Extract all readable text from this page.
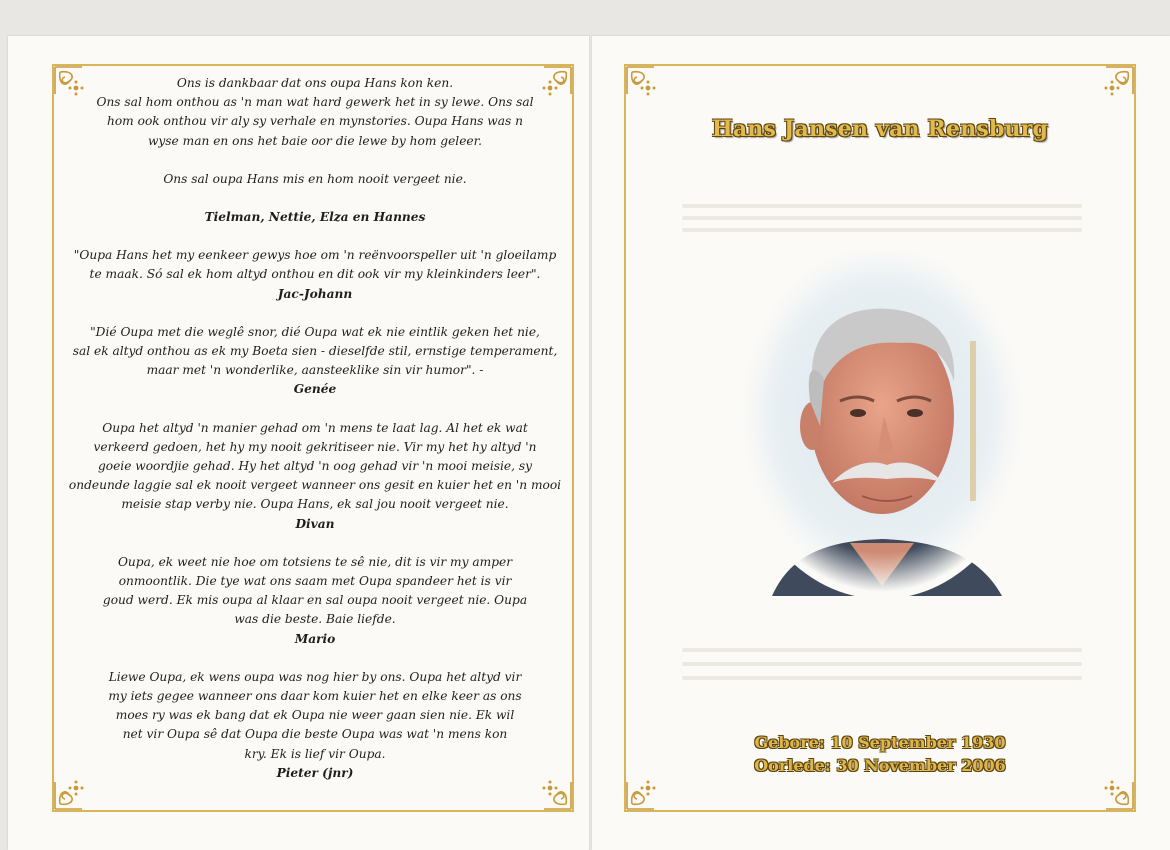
Ons is dankbaar dat ons oupa Hans kon ken.
Ons sal hom onthou as 'n man wat hard gewerk het in sy lewe. Ons sal
hom ook onthou vir aly sy verhale en mynstories. Oupa Hans was n
wyse man en ons het baie oor die lewe by hom geleer.

Ons sal oupa Hans mis en hom nooit vergeet nie.

Tielman, Nettie, Elza en Hannes

"Oupa Hans het my eenkeer gewys hoe om 'n reënvoorspeller uit 'n gloeilamp
te maak. Só sal ek hom altyd onthou en dit ook vir my kleinkinders leer".
Jac-Johann

"Dié Oupa met die weglê snor, dié Oupa wat ek nie eintlik geken het nie,
sal ek altyd onthou as ek my Boeta sien - dieselfde stil, ernstige temperament,
maar met 'n wonderlike, aansteeklike sin vir humor". -
Genée

Oupa het altyd 'n manier gehad om 'n mens te laat lag. Al het ek wat
verkeerd gedoen, het hy my nooit gekritiseer nie. Vir my het hy altyd 'n
goeie woordjie gehad. Hy het altyd 'n oog gehad vir 'n mooi meisie, sy
ondeunde laggie sal ek nooit vergeet wanneer ons gesit en kuier het en 'n mooi
meisie stap verby nie. Oupa Hans, ek sal jou nooit vergeet nie.
Divan

Oupa, ek weet nie hoe om totsiens te sê nie, dit is vir my amper
onmoontlik. Die tye wat ons saam met Oupa spandeer het is vir
goud werd. Ek mis oupa al klaar en sal oupa nooit vergeet nie. Oupa
was die beste. Baie liefde.
Mario

Liewe Oupa, ek wens oupa was nog hier by ons. Oupa het altyd vir
my iets gegee wanneer ons daar kom kuier het en elke keer as ons
moes ry was ek bang dat ek Oupa nie weer gaan sien nie. Ek wil
net vir Oupa sê dat Oupa die beste Oupa was wat 'n mens kon
kry. Ek is lief vir Oupa.
Pieter (jnr)

Hans Jansen van Rensburg
Gebore: 10 September 1930
Oorlede: 30 November 2006
